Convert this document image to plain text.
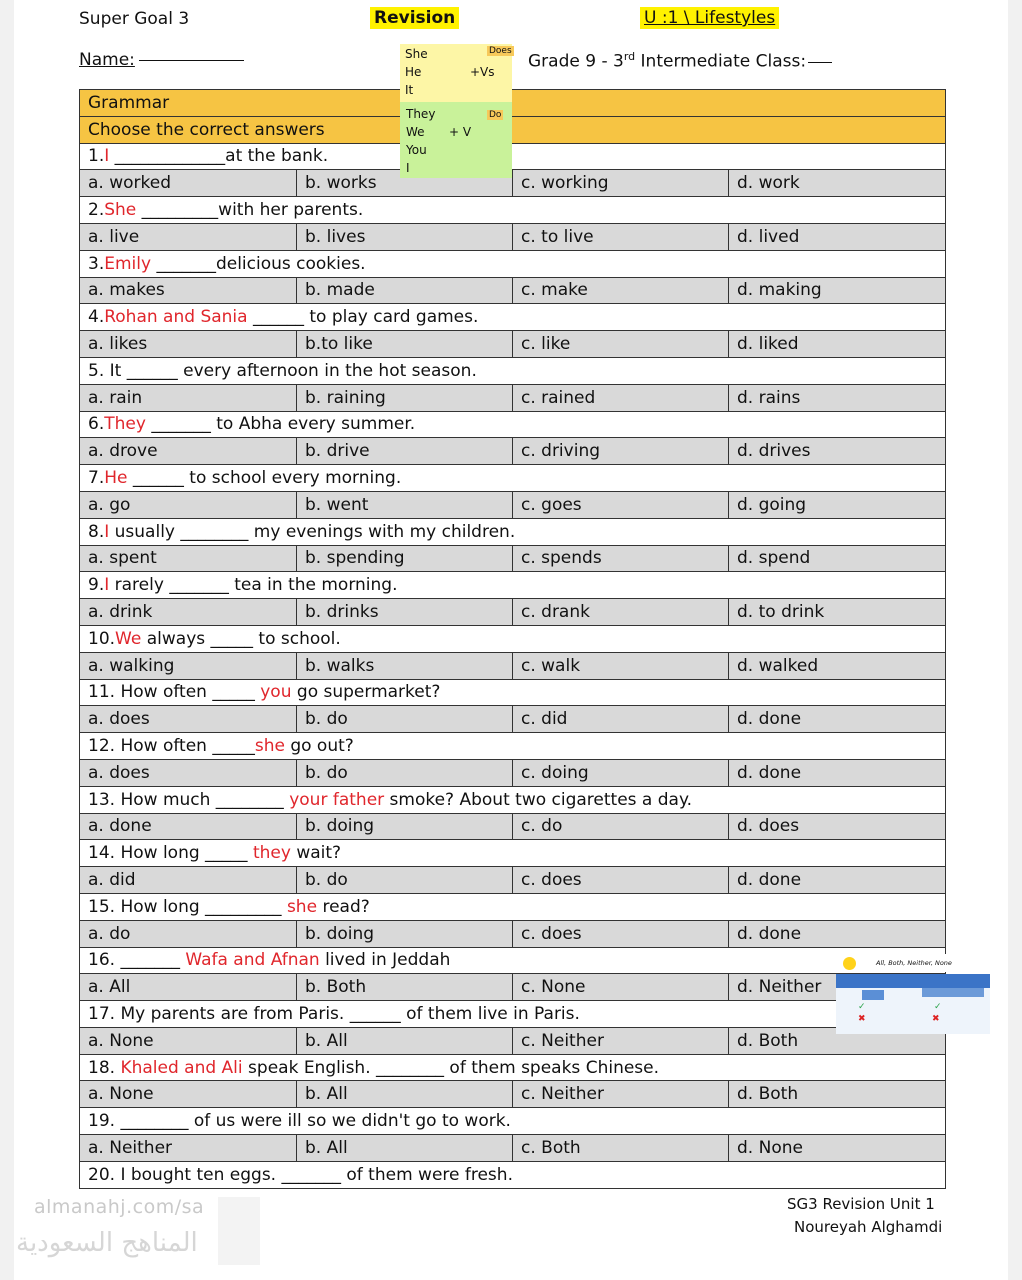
Super Goal 3	Revision	U :1 \ Lifestyles
Name:	Grade 9 - 3rd Intermediate Class:
She
He
It
+Vs
Does
They
We
You
I
+ V
Do
Grammar			
Choose the correct answers			
1.I _____________at the bank.			
a. worked	b. works	c. working	d. work
2.She _________with her parents.			
a. live	b. lives	c. to live	d. lived
3.Emily _______delicious cookies.			
a. makes	b. made	c. make	d. making
4.Rohan and Sania ______ to play card games.			
a. likes	b.to like	c. like	d. liked
5. It ______ every afternoon in the hot season.			
a. rain	b. raining	c. rained	d. rains
6.They _______ to Abha every summer.			
a. drove	b. drive	c. driving	d. drives
7.He ______ to school every morning.			
a. go	b. went	c. goes	d. going
8.I usually ________ my evenings with my children.			
a. spent	b. spending	c. spends	d. spend
9.I rarely _______ tea in the morning.			
a. drink	b. drinks	c. drank	d. to drink
10.We always _____ to school.			
a. walking	b. walks	c. walk	d. walked
11. How often _____ you go supermarket?			
a. does	b. do	c. did	d. done
12. How often _____she go out?			
a. does	b. do	c. doing	d. done
13. How much ________ your father smoke? About two cigarettes a day.			
a. done	b. doing	c. do	d. does
14. How long _____ they wait?			
a. did	b. do	c. does	d. done
15. How long _________ she read?			
a. do	b. doing	c. does	d. done
16. _______ Wafa and Afnan lived in Jeddah			
a. All	b. Both	c. None	d. Neither
17. My parents are from Paris. ______ of them live in Paris.			
a. None	b. All	c. Neither	d. Both
18. Khaled and Ali speak English. ________ of them speaks Chinese.			
a. None	b. All	c. Neither	d. Both
19. ________ of us were ill so we didn't go to work.			
a. Neither	b. All	c. Both	d. None
20. I bought ten eggs. _______ of them were fresh.			
All, Both, Neither, None
✓	✓
✖	✖
SG3 Revision Unit 1
Noureyah Alghamdi
almanahj.com/sa
المناهج السعودية
